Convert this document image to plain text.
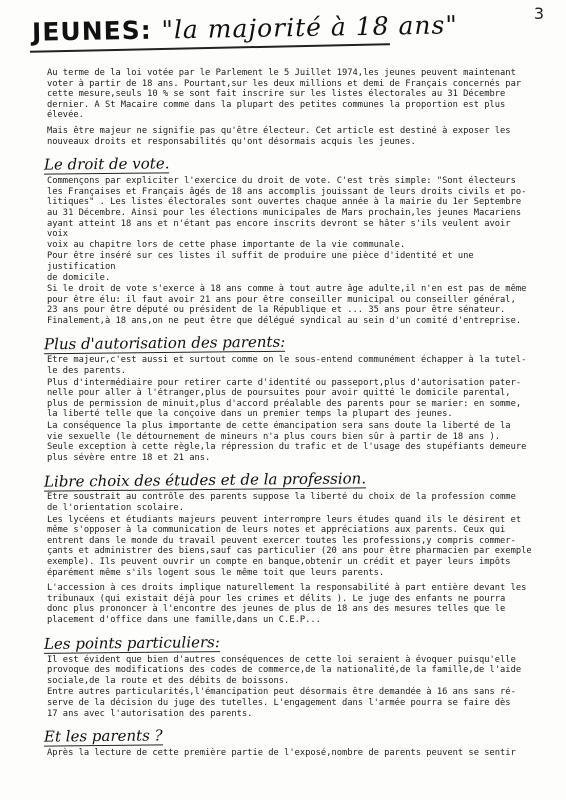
3
JEUNES: "la majorité à 18 ans"

Au terme de la loi votée par le Parlement le 5 Juillet 1974,les jeunes peuvent maintenant
voter à partir de 18 ans. Pourtant,sur les deux millions et demi de Français concernés par
cette mesure,seuls 10 % se sont fait inscrire sur les listes électorales au 31 Décembre
dernier. A St Macaire comme dans la plupart des petites communes la proportion est plus
élevée.

Mais être majeur ne signifie pas qu'être électeur. Cet article est destiné à exposer les
nouveaux droits et responsabilités qu'ont désormais acquis les jeunes.

Le droit de vote.

Commençons par expliciter l'exercice du droit de vote. C'est très simple: "Sont électeurs
les Françaises et Français âgés de 18 ans accomplis jouissant de leurs droits civils et po-
litiques" . Les listes électorales sont ouvertes chaque année à la mairie du 1er Septembre
au 31 Décembre. Ainsi pour les élections municipales de Mars prochain,les jeunes Macariens
ayant atteint 18 ans et n'étant pas encore inscrits devront se hâter s'ils veulent avoir voix
voix au chapitre lors de cette phase importante de la vie communale.

Pour être inséré sur ces listes il suffit de produire une pièce d'identité et une justification
de domicile.

Si le droit de vote s'exerce à 18 ans comme à tout autre âge adulte,il n'en est pas de même
pour être élu: il faut avoir 21 ans pour être conseiller municipal ou conseiller général,
23 ans pour être député ou président de la République et ... 35 ans pour être sénateur.
Finalement,à 18 ans,on ne peut être que délégué syndical au sein d'un comité d'entreprise.

Plus d'autorisation des parents:

Etre majeur,c'est aussi et surtout comme on le sous-entend communément échapper à la tutel-
le des parents.

Plus d'intermédiaire pour retirer carte d'identité ou passeport,plus d'autorisation pater-
nelle pour aller à l'étranger,plus de poursuites pour avoir quitté le domicile parental,
plus de permission de minuit,plus d'accord préalable des parents pour se marier: en somme,
la liberté telle que la conçoive dans un premier temps la plupart des jeunes.

La conséquence la plus importante de cette émancipation sera sans doute la liberté de la
vie sexuelle (le détournement de mineurs n'a plus cours bien sûr à partir de 18 ans ).
Seule exception à cette règle,la répression du trafic et de l'usage des stupéfiants demeure
plus sévère entre 18 et 21 ans.

Libre choix des études et de la profession.

Etre soustrait au contrôle des parents suppose la liberté du choix de la profession comme
de l'orientation scolaire.

Les lycéens et étudiants majeurs peuvent interrompre leurs études quand ils le désirent et
même s'opposer à la communication de leurs notes et appréciations aux parents. Ceux qui
entrent dans le monde du travail peuvent exercer toutes les professions,y compris commer-
çants et administrer des biens,sauf cas particulier (20 ans pour être pharmacien par exemple
exemple). Ils peuvent ouvrir un compte en banque,obtenir un crédit et payer leurs impôts
éparément même s'ils logent sous le même toit que leurs parents.

L'accession à ces droits implique naturellement la responsabilité à part entière devant les
tribunaux (qui existait déjà pour les crimes et délits ). Le juge des enfants ne pourra
donc plus prononcer à l'encontre des jeunes de plus de 18 ans des mesures telles que le
placement d'office dans une famille,dans un C.E.P...

Les points particuliers:

Il est évident que bien d'autres conséquences de cette loi seraient à évoquer puisqu'elle
provoque des modifications des codes de commerce,de la nationalité,de la famille,de l'aide
sociale,de la route et des débits de boissons.

Entre autres particularités,l'émancipation peut désormais être demandée à 16 ans sans ré-
serve de la décision du juge des tutelles. L'engagement dans l'armée pourra se faire dès
17 ans avec l'autorisation des parents.

Et les parents ?

Après la lecture de cette première partie de l'exposé,nombre de parents peuvent se sentir
